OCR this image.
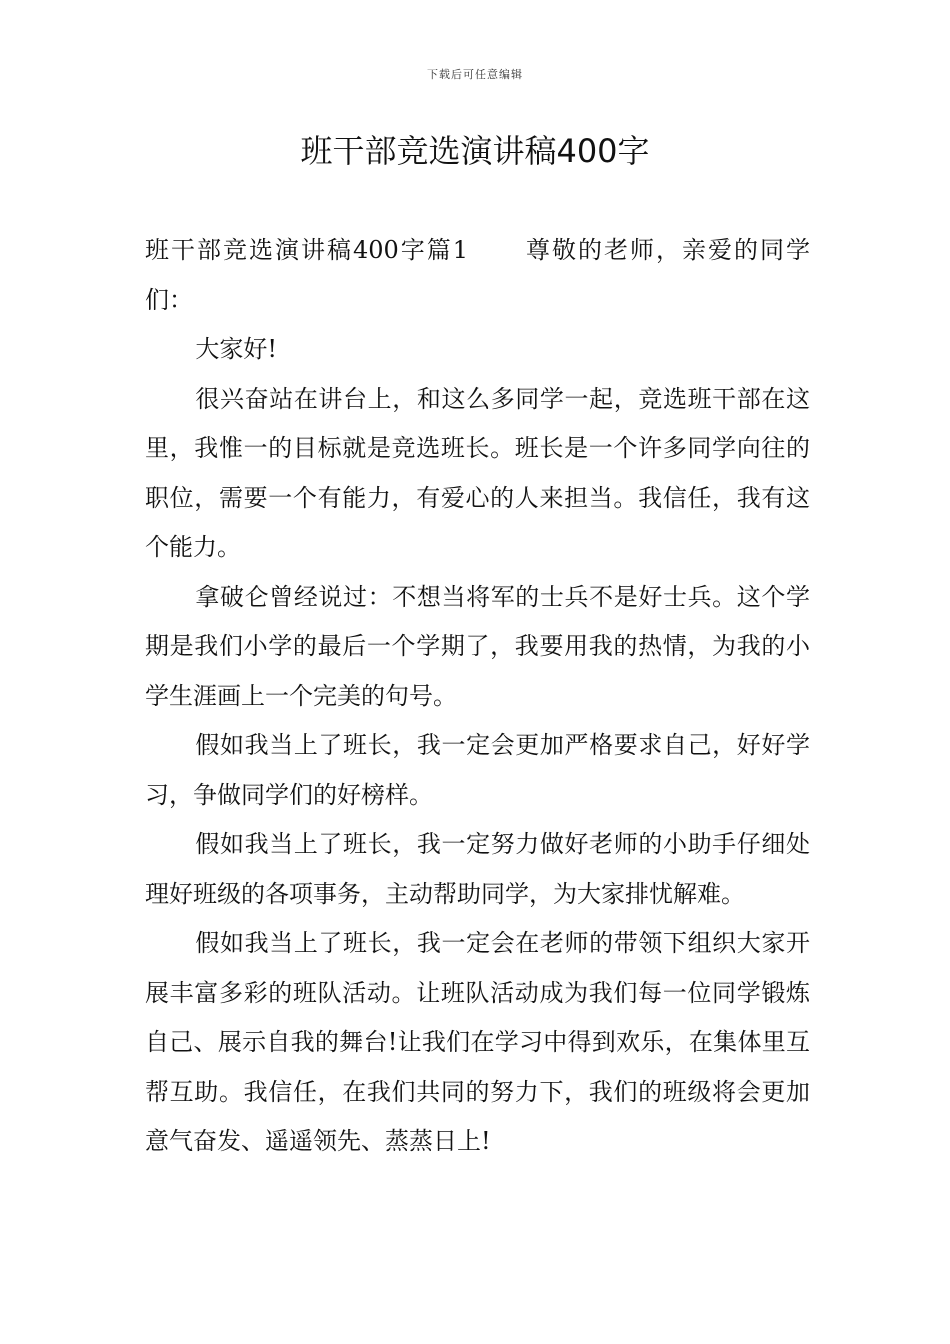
下载后可任意编辑
班干部竞选演讲稿400字

班干部竞选演讲稿400字篇1 尊敬的老师，亲爱的同学们：

大家好!

很兴奋站在讲台上，和这么多同学一起，竞选班干部在这里，我惟一的目标就是竞选班长。班长是一个许多同学向往的职位，需要一个有能力，有爱心的人来担当。我信任，我有这个能力。

拿破仑曾经说过：不想当将军的士兵不是好士兵。这个学期是我们小学的最后一个学期了，我要用我的热情，为我的小学生涯画上一个完美的句号。

假如我当上了班长，我一定会更加严格要求自己，好好学习，争做同学们的好榜样。

假如我当上了班长，我一定努力做好老师的小助手仔细处理好班级的各项事务，主动帮助同学，为大家排忧解难。

假如我当上了班长，我一定会在老师的带领下组织大家开展丰富多彩的班队活动。让班队活动成为我们每一位同学锻炼自己、展示自我的舞台!让我们在学习中得到欢乐，在集体里互帮互助。我信任，在我们共同的努力下，我们的班级将会更加意气奋发、遥遥领先、蒸蒸日上!
